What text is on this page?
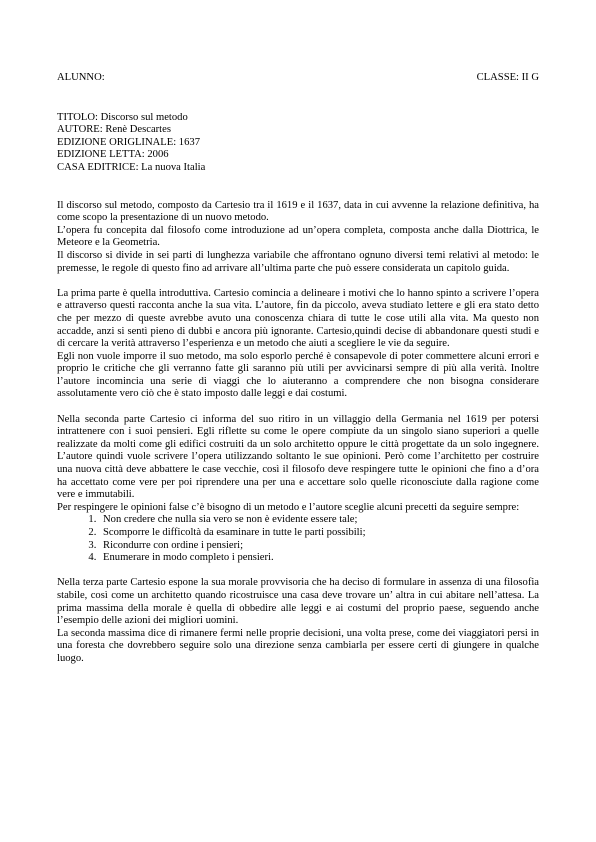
ALUNNO:	CLASSE: II G
TITOLO: Discorso sul metodo
AUTORE: Renè Descartes
EDIZIONE ORIGLINALE: 1637
EDIZIONE LETTA: 2006
CASA EDITRICE: La nuova Italia

Il discorso sul metodo, composto da Cartesio tra il 1619 e il 1637, data in cui avvenne la relazione definitiva, ha come scopo la presentazione di un nuovo metodo.

L’opera fu concepita dal filosofo come introduzione ad un’opera completa, composta anche dalla Diottrica, le Meteore e la Geometria.

Il discorso si divide in sei parti di lunghezza variabile che affrontano ognuno diversi temi relativi al metodo: le premesse, le regole di questo fino ad arrivare all’ultima parte che può essere considerata un capitolo guida.

La prima parte è quella introduttiva. Cartesio comincia a delineare i motivi che lo hanno spinto a scrivere l’opera e attraverso questi racconta anche la sua vita. L’autore, fin da piccolo, aveva studiato lettere e gli era stato detto che per mezzo di queste avrebbe avuto una conoscenza chiara di tutte le cose utili alla vita. Ma questo non accadde, anzi si sentì pieno di dubbi e ancora più ignorante. Cartesio,quindi decise di abbandonare questi studi e di cercare la verità attraverso l’esperienza e un metodo che aiuti a scegliere le vie da seguire.

Egli non vuole imporre il suo metodo, ma solo esporlo perché è consapevole di poter commettere alcuni errori e proprio le critiche che gli verranno fatte gli saranno più utili per avvicinarsi sempre di più alla verità. Inoltre l’autore incomincia una serie di viaggi che lo aiuteranno a comprendere che non bisogna considerare assolutamente vero ciò che è stato imposto dalle leggi e dai costumi.

Nella seconda parte Cartesio ci informa del suo ritiro in un villaggio della Germania nel 1619 per potersi intrattenere con i suoi pensieri. Egli riflette su come le opere compiute da un singolo siano superiori a quelle realizzate da molti come gli edifici costruiti da un solo architetto oppure le città progettate da un solo ingegnere. L’autore quindi vuole scrivere l’opera utilizzando soltanto le sue opinioni. Però come l’architetto per costruire una nuova città deve abbattere le case vecchie, così il filosofo deve respingere tutte le opinioni che fino a d’ora ha accettato come vere per poi riprendere una per una e accettare solo quelle riconosciute dalla ragione come vere e immutabili.

Per respingere le opinioni false c’è bisogno di un metodo e l’autore sceglie alcuni precetti da seguire sempre:

1. Non credere che nulla sia vero se non è evidente essere tale;
2. Scomporre le difficoltà da esaminare in tutte le parti possibili;
3. Ricondurre con ordine i pensieri;
4. Enumerare in modo completo i pensieri.

Nella terza parte Cartesio espone la sua morale provvisoria che ha deciso di formulare in assenza di una filosofia stabile, così come un architetto quando ricostruisce una casa deve trovare un’ altra in cui abitare nell’attesa. La prima massima della morale è quella di obbedire alle leggi e ai costumi del proprio paese, seguendo anche l’esempio delle azioni dei migliori uomini.

La seconda massima dice di rimanere fermi nelle proprie decisioni, una volta prese, come dei viaggiatori persi in una foresta che dovrebbero seguire solo una direzione senza cambiarla per essere certi di giungere in qualche luogo.
